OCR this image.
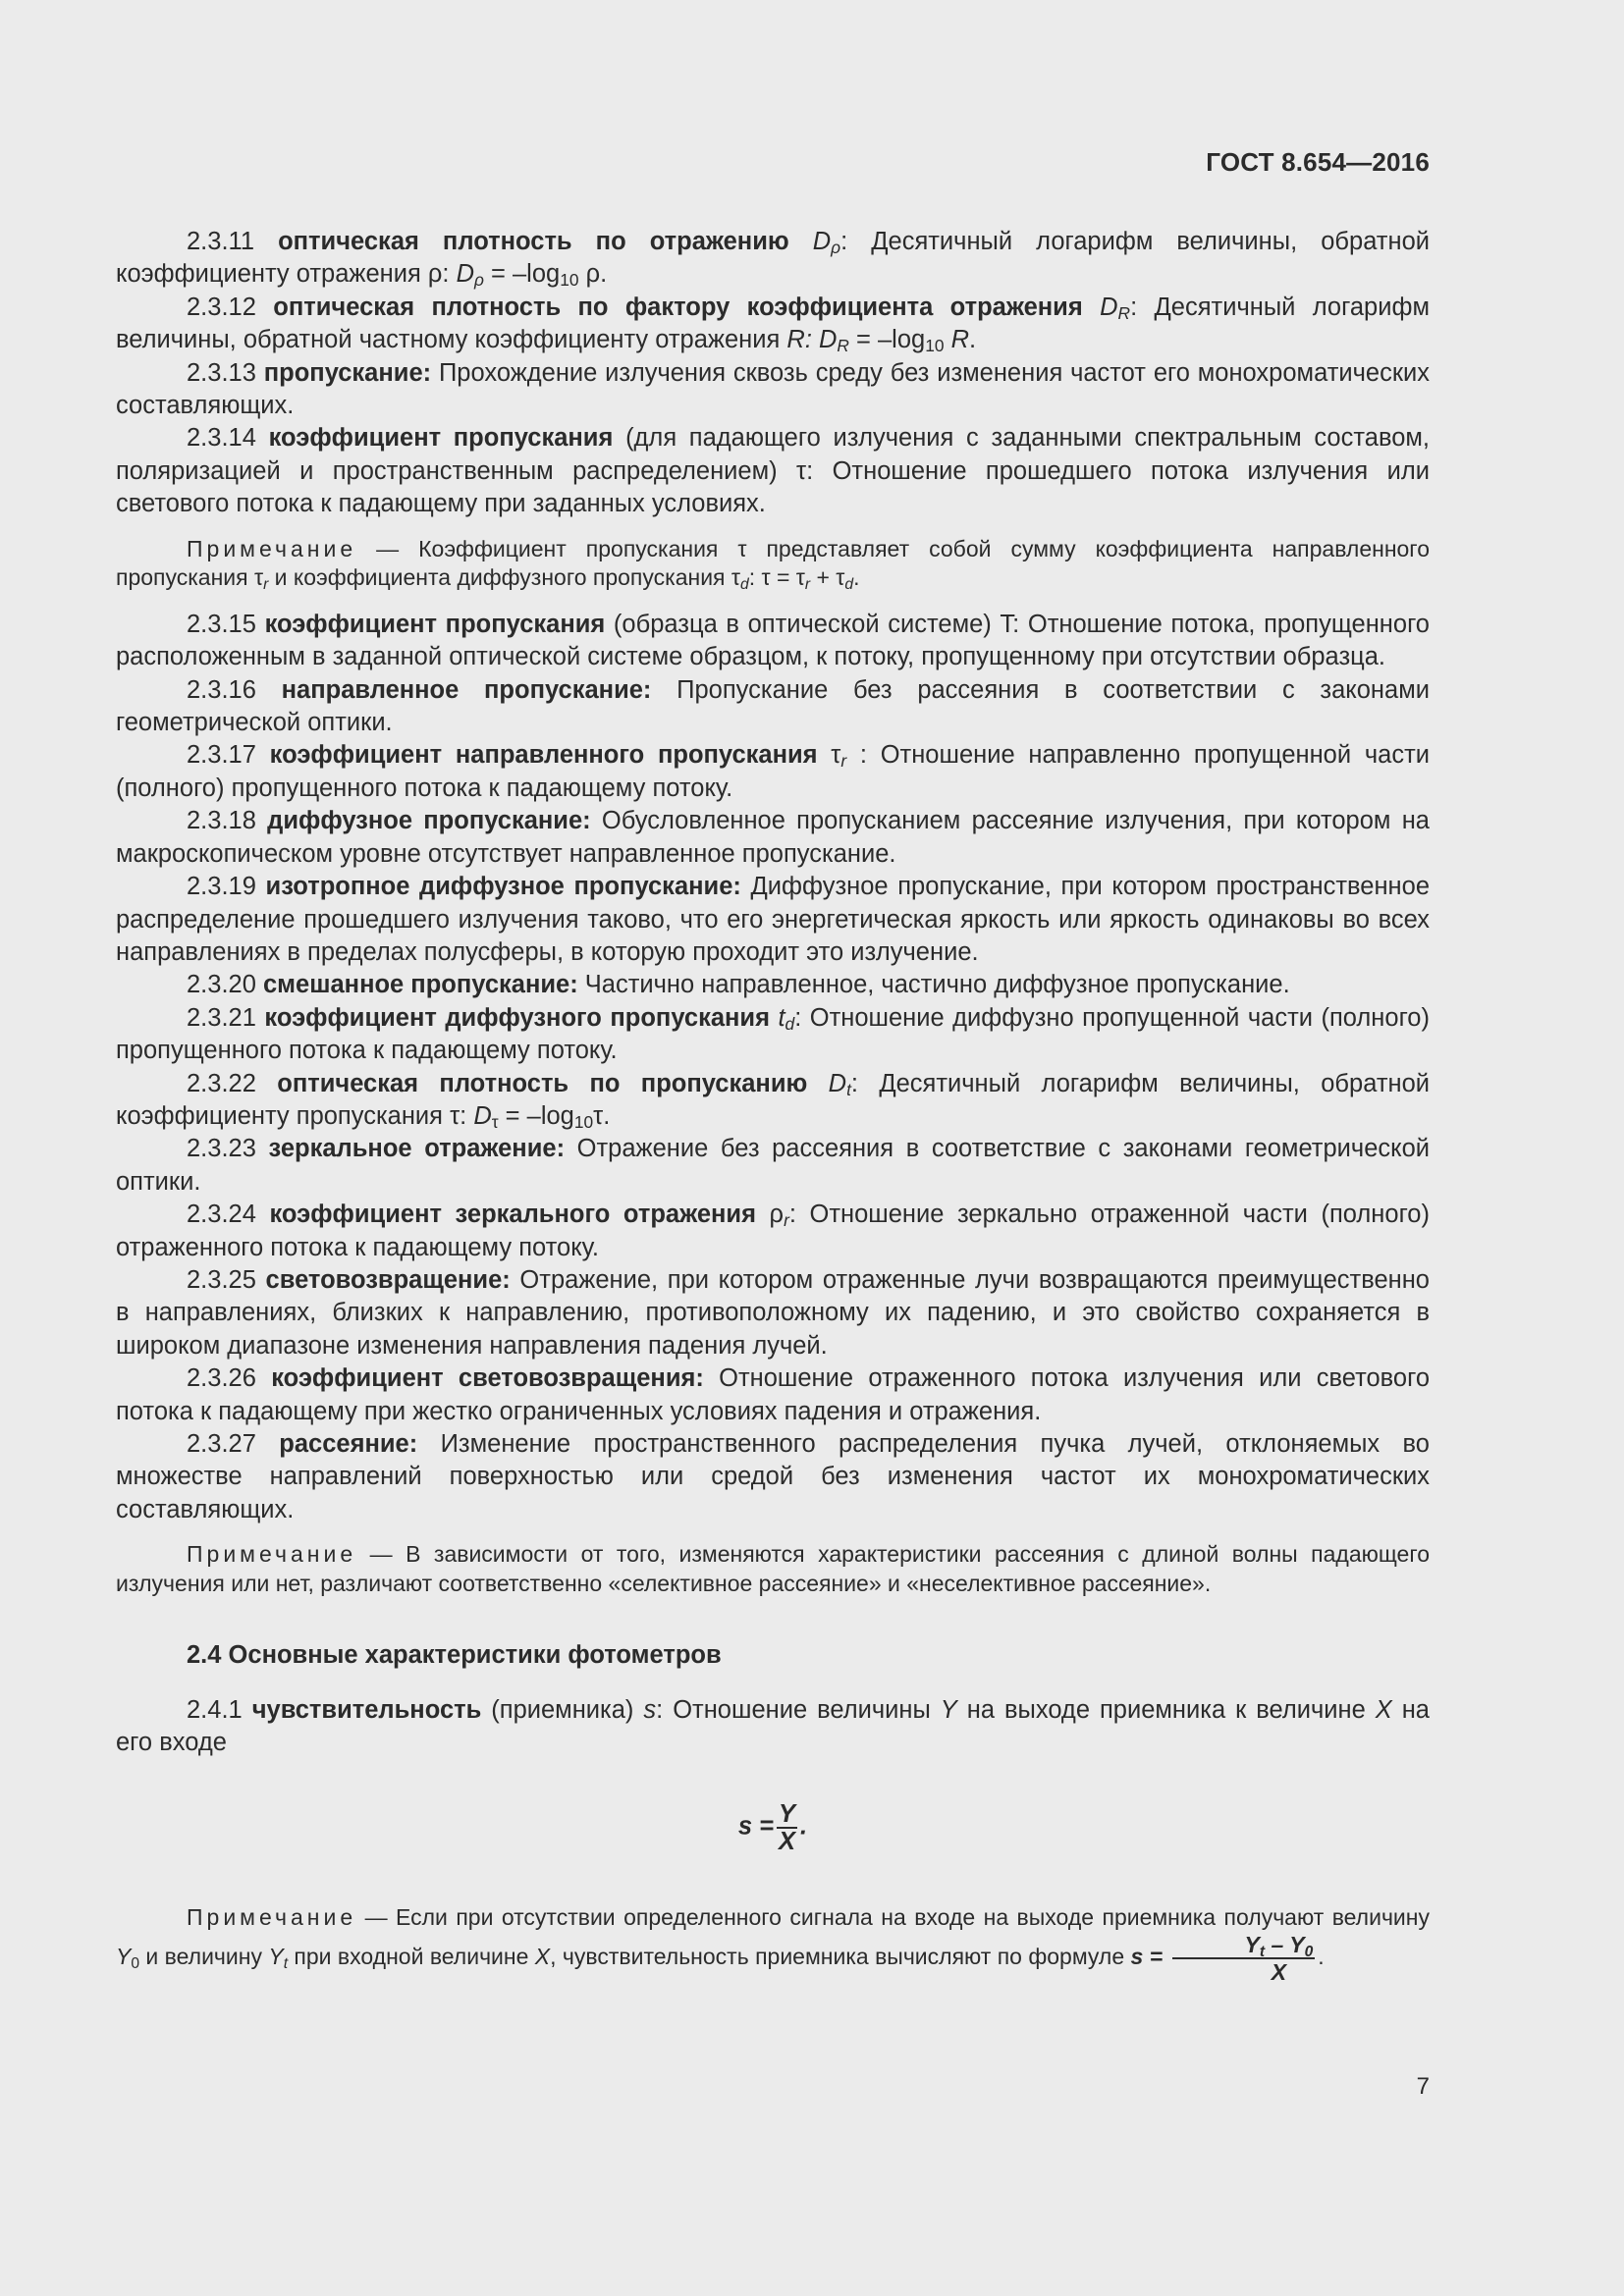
ГОСТ 8.654—2016

2.3.11 оптическая плотность по отражению $D_\rho$: Десятичный логарифм величины, обратной коэффициенту отражения ρ: $D_\rho = -\log_{10}$ ρ.

2.3.12 оптическая плотность по фактору коэффициента отражения $D_R$: Десятичный логарифм величины, обратной частному коэффициенту отражения R: $D_R = -\log_{10}$ R.

2.3.13 пропускание: Прохождение излучения сквозь среду без изменения частот его монохроматических составляющих.

2.3.14 коэффициент пропускания (для падающего излучения с заданными спектральным составом, поляризацией и пространственным распределением) τ: Отношение прошедшего потока излучения или светового потока к падающему при заданных условиях.

Примечание — Коэффициент пропускания τ представляет собой сумму коэффициента направленного пропускания $\tau_r$ и коэффициента диффузного пропускания $\tau_d$: $\tau = \tau_r + \tau_d$.

2.3.15 коэффициент пропускания (образца в оптической системе) T: Отношение потока, пропущенного расположенным в заданной оптической системе образцом, к потоку, пропущенному при отсутствии образца.

2.3.16 направленное пропускание: Пропускание без рассеяния в соответствии с законами геометрической оптики.

2.3.17 коэффициент направленного пропускания $\tau_r$ : Отношение направленно пропущенной части (полного) пропущенного потока к падающему потоку.

2.3.18 диффузное пропускание: Обусловленное пропусканием рассеяние излучения, при котором на макроскопическом уровне отсутствует направленное пропускание.

2.3.19 изотропное диффузное пропускание: Диффузное пропускание, при котором пространственное распределение прошедшего излучения таково, что его энергетическая яркость или яркость одинаковы во всех направлениях в пределах полусферы, в которую проходит это излучение.

2.3.20 смешанное пропускание: Частично направленное, частично диффузное пропускание.

2.3.21 коэффициент диффузного пропускания $t_d$: Отношение диффузно пропущенной части (полного) пропущенного потока к падающему потоку.

2.3.22 оптическая плотность по пропусканию $D_t$: Десятичный логарифм величины, обратной коэффициенту пропускания τ: $D_\tau = -\log_{10}\tau$.

2.3.23 зеркальное отражение: Отражение без рассеяния в соответствие с законами геометрической оптики.

2.3.24 коэффициент зеркального отражения $\rho_r$: Отношение зеркально отраженной части (полного) отраженного потока к падающему потоку.

2.3.25 световозвращение: Отражение, при котором отраженные лучи возвращаются преимущественно в направлениях, близких к направлению, противоположному их падению, и это свойство сохраняется в широком диапазоне изменения направления падения лучей.

2.3.26 коэффициент световозвращения: Отношение отраженного потока излучения или светового потока к падающему при жестко ограниченных условиях падения и отражения.

2.3.27 рассеяние: Изменение пространственного распределения пучка лучей, отклоняемых во множестве направлений поверхностью или средой без изменения частот их монохроматических составляющих.

Примечание — В зависимости от того, изменяются характеристики рассеяния с длиной волны падающего излучения или нет, различают соответственно «селективное рассеяние» и «неселективное рассеяние».

2.4 Основные характеристики фотометров

2.4.1 чувствительность (приемника) s: Отношение величины Y на выходе приемника к величине X на его входе

$s = \frac{Y}{X}$ .

Примечание — Если при отсутствии определенного сигнала на входе на выходе приемника получают величину $Y_0$ и величину $Y_t$ при входной величине X, чувствительность приемника вычисляют по формуле $s = \frac{Y_t - Y_0}{X}$ .

7
